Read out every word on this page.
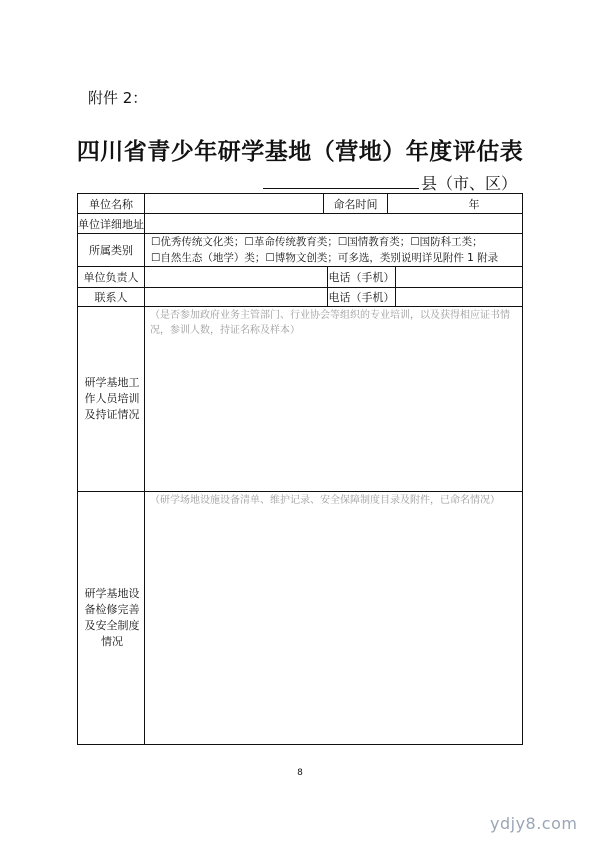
附件 2：
四川省青少年研学基地（营地）年度评估表
县（市、区）
单位名称	命名时间	年
单位详细地址
所属类别
☐优秀传统文化类；☐革命传统教育类；☐国情教育类；☐国防科工类；
☐自然生态（地学）类；☐博物文创类；可多选，类别说明详见附件 1 附录
单位负责人	电话（手机）
联系人	电话（手机）
研学基地工作人员培训及持证情况
（是否参加政府业务主管部门、行业协会等组织的专业培训，以及获得相应证书情况，参训人数，持证名称及样本）
研学基地设备检修完善及安全制度情况
（研学场地设施设备清单、维护记录、安全保障制度目录及附件，已命名情况）
8
ydjy8.com
